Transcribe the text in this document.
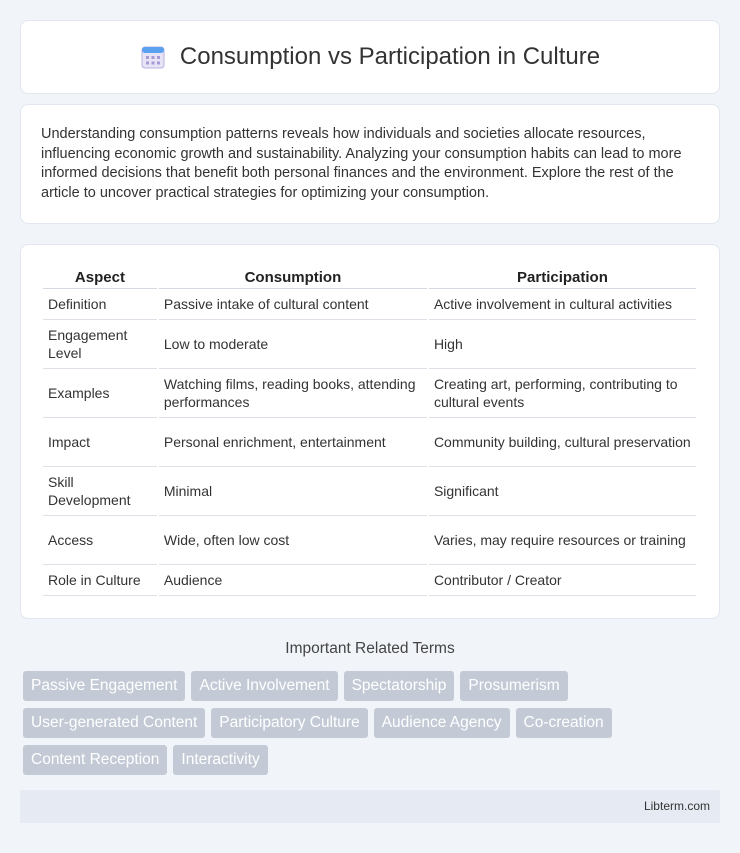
Consumption vs Participation in Culture

Understanding consumption patterns reveals how individuals and societies allocate resources, influencing economic growth and sustainability. Analyzing your consumption habits can lead to more informed decisions that benefit both personal finances and the environment. Explore the rest of the article to uncover practical strategies for optimizing your consumption.

Aspect	Consumption	Participation
Definition	Passive intake of cultural content	Active involvement in cultural activities
Engagement Level	Low to moderate	High
Examples	Watching films, reading books, attending performances	Creating art, performing, contributing to cultural events
Impact	Personal enrichment, entertainment	Community building, cultural preservation
Skill Development	Minimal	Significant
Access	Wide, often low cost	Varies, may require resources or training
Role in Culture	Audience	Contributor / Creator
Important Related Terms
Passive Engagement	Active Involvement	Spectatorship	Prosumerism
User-generated Content	Participatory Culture	Audience Agency	Co-creation
Content Reception	Interactivity
Libterm.com
